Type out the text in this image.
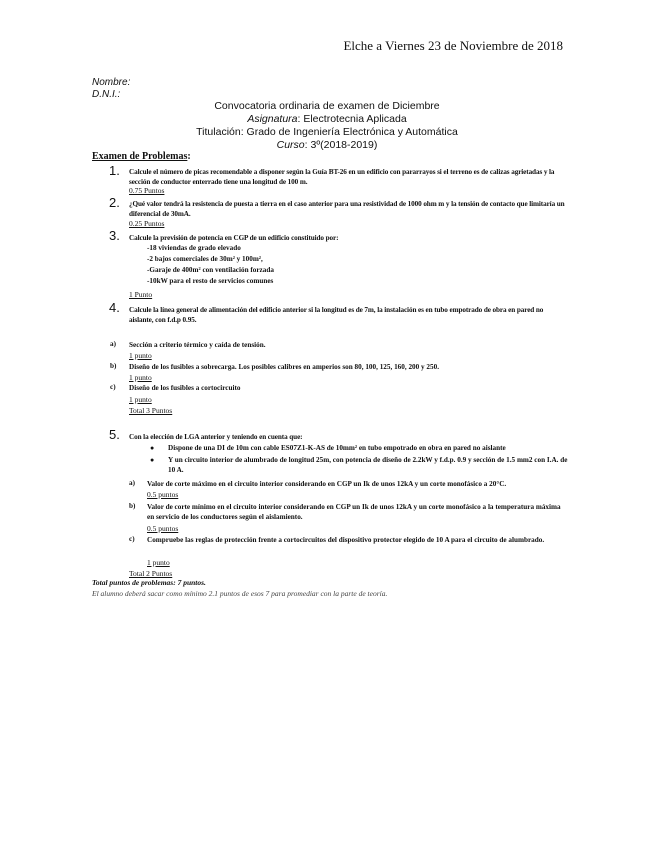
Elche a Viernes 23 de Noviembre de 2018
Nombre:
D.N.I.:
Convocatoria ordinaria de examen de Diciembre
Asignatura: Electrotecnia Aplicada
Titulación: Grado de Ingeniería Electrónica y Automática
Curso: 3º(2018-2019)
Examen de Problemas:
1. Calcule el número de picas recomendable a disponer según la Guía BT-26 en un edificio con pararrayos si el terreno es de calizas agrietadas y la sección de conductor enterrado tiene una longitud de 100 m.
0.75 Puntos
2. ¿Qué valor tendrá la resistencia de puesta a tierra en el caso anterior para una resistividad de 1000 ohm m y la tensión de contacto que limitaría un diferencial de 30mA.
0.25 Puntos
3. Calcule la previsión de potencia en CGP de un edificio constituido por:
-18 viviendas de grado elevado
-2 bajos comerciales de 30m² y 100m²,
-Garaje de 400m² con ventilación forzada
-10kW para el resto de servicios comunes
1 Punto
4. Calcule la línea general de alimentación del edificio anterior si la longitud es de 7m, la instalación es en tubo empotrado de obra en pared no aislante, con f.d.p 0.95.
a) Sección a criterio térmico y caída de tensión.
1 punto
b) Diseño de los fusibles a sobrecarga. Los posibles calibres en amperios son 80, 100, 125, 160, 200 y 250.
1 punto
c) Diseño de los fusibles a cortocircuito
1 punto
Total 3 Puntos
5. Con la elección de LGA anterior y teniendo en cuenta que:
● Dispone de una DI de 10m con cable ES07Z1-K-AS de 10mm² en tubo empotrado en obra en pared no aislante
● Y un circuito interior de alumbrado de longitud 25m, con potencia de diseño de 2.2kW y f.d.p. 0.9 y sección de 1.5 mm2 con I.A. de 10 A.
a) Valor de corte máximo en el circuito interior considerando en CGP un Ik de unos 12kA y un corte monofásico a 20°C.
0.5 puntos
b) Valor de corte mínimo en el circuito interior considerando en CGP un Ik de unos 12kA y un corte monofásico a la temperatura máxima en servicio de los conductores según el aislamiento.
0.5 puntos
c) Compruebe las reglas de protección frente a cortocircuitos del dispositivo protector elegido de 10 A para el circuito de alumbrado.
1 punto
Total 2 Puntos
Total puntos de problemas: 7 puntos.
El alumno deberá sacar como mínimo 2.1 puntos de esos 7 para promediar con la parte de teoría.
